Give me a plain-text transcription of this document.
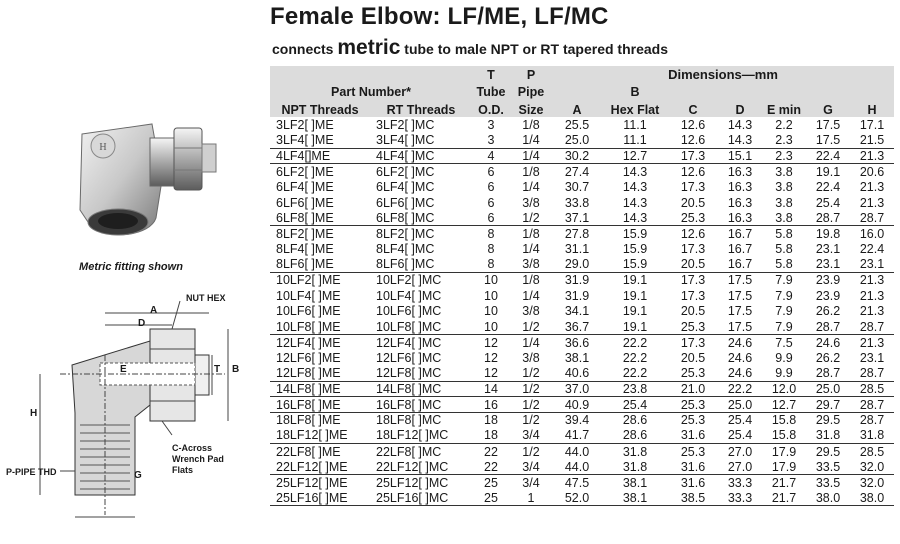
H
Metric fitting shown
NUT HEX
A
D
E	T B
H
G
C-Across
Wrench Pad
Flats
P-PIPE THD
Female Elbow: LF/ME, LF/MC
connects metric tube to male NPT or RT tapered threads
		T	P	Dimensions—mm						
Part Number*		Tube	Pipe		B					
NPT Threads	RT Threads	O.D.	Size	A	Hex Flat	C	D	E min	G	H
3LF2[ ]ME	3LF2[ ]MC	3	1/8	25.5	11.1	12.6	14.3	2.2	17.5	17.1
3LF4[ ]ME	3LF4[ ]MC	3	1/4	25.0	11.1	12.6	14.3	2.3	17.5	21.5
4LF4[]ME	4LF4[ ]MC	4	1/4	30.2	12.7	17.3	15.1	2.3	22.4	21.3
6LF2[ ]ME	6LF2[ ]MC	6	1/8	27.4	14.3	12.6	16.3	3.8	19.1	20.6
6LF4[ ]ME	6LF4[ ]MC	6	1/4	30.7	14.3	17.3	16.3	3.8	22.4	21.3
6LF6[ ]ME	6LF6[ ]MC	6	3/8	33.8	14.3	20.5	16.3	3.8	25.4	21.3
6LF8[ ]ME	6LF8[ ]MC	6	1/2	37.1	14.3	25.3	16.3	3.8	28.7	28.7
8LF2[ ]ME	8LF2[ ]MC	8	1/8	27.8	15.9	12.6	16.7	5.8	19.8	16.0
8LF4[ ]ME	8LF4[ ]MC	8	1/4	31.1	15.9	17.3	16.7	5.8	23.1	22.4
8LF6[ ]ME	8LF6[ ]MC	8	3/8	29.0	15.9	20.5	16.7	5.8	23.1	23.1
10LF2[ ]ME	10LF2[ ]MC	10	1/8	31.9	19.1	17.3	17.5	7.9	23.9	21.3
10LF4[ ]ME	10LF4[ ]MC	10	1/4	31.9	19.1	17.3	17.5	7.9	23.9	21.3
10LF6[ ]ME	10LF6[ ]MC	10	3/8	34.1	19.1	20.5	17.5	7.9	26.2	21.3
10LF8[ ]ME	10LF8[ ]MC	10	1/2	36.7	19.1	25.3	17.5	7.9	28.7	28.7
12LF4[ ]ME	12LF4[ ]MC	12	1/4	36.6	22.2	17.3	24.6	7.5	24.6	21.3
12LF6[ ]ME	12LF6[ ]MC	12	3/8	38.1	22.2	20.5	24.6	9.9	26.2	23.1
12LF8[ ]ME	12LF8[ ]MC	12	1/2	40.6	22.2	25.3	24.6	9.9	28.7	28.7
14LF8[ ]ME	14LF8[ ]MC	14	1/2	37.0	23.8	21.0	22.2	12.0	25.0	28.5
16LF8[ ]ME	16LF8[ ]MC	16	1/2	40.9	25.4	25.3	25.0	12.7	29.7	28.7
18LF8[ ]ME	18LF8[ ]MC	18	1/2	39.4	28.6	25.3	25.4	15.8	29.5	28.7
18LF12[ ]ME	18LF12[ ]MC	18	3/4	41.7	28.6	31.6	25.4	15.8	31.8	31.8
22LF8[ ]ME	22LF8[ ]MC	22	1/2	44.0	31.8	25.3	27.0	17.9	29.5	28.5
22LF12[ ]ME	22LF12[ ]MC	22	3/4	44.0	31.8	31.6	27.0	17.9	33.5	32.0
25LF12[ ]ME	25LF12[ ]MC	25	3/4	47.5	38.1	31.6	33.3	21.7	33.5	32.0
25LF16[ ]ME	25LF16[ ]MC	25	1	52.0	38.1	38.5	33.3	21.7	38.0	38.0
